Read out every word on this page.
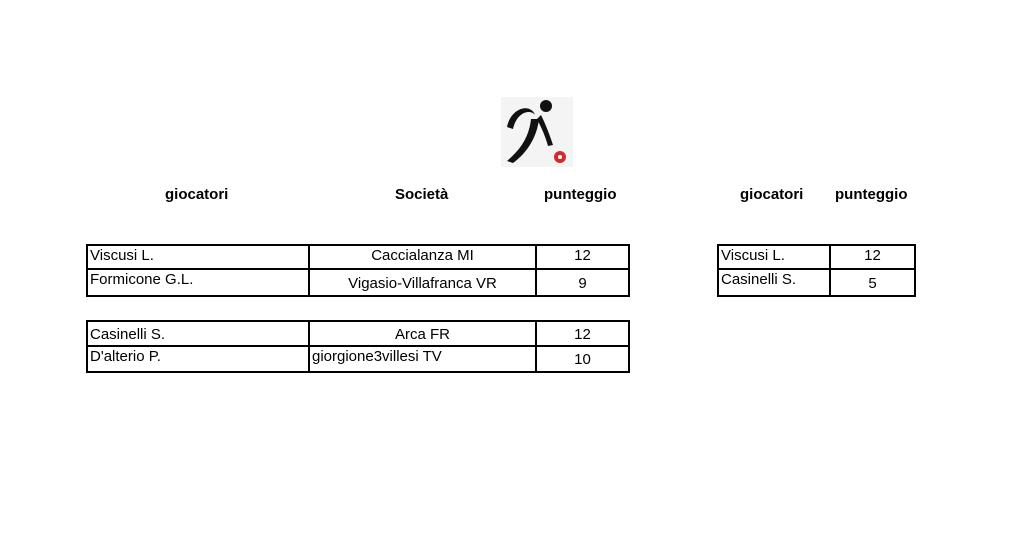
giocatori	Società	punteggio	giocatori punteggio
Viscusi L.	Caccialanza MI	12
Formicone G.L.	Vigasio-Villafranca VR	9
Casinelli S.	Arca FR	12
D'alterio P.	giorgione3villesi TV	10
Viscusi L.	12
Casinelli S.	5
